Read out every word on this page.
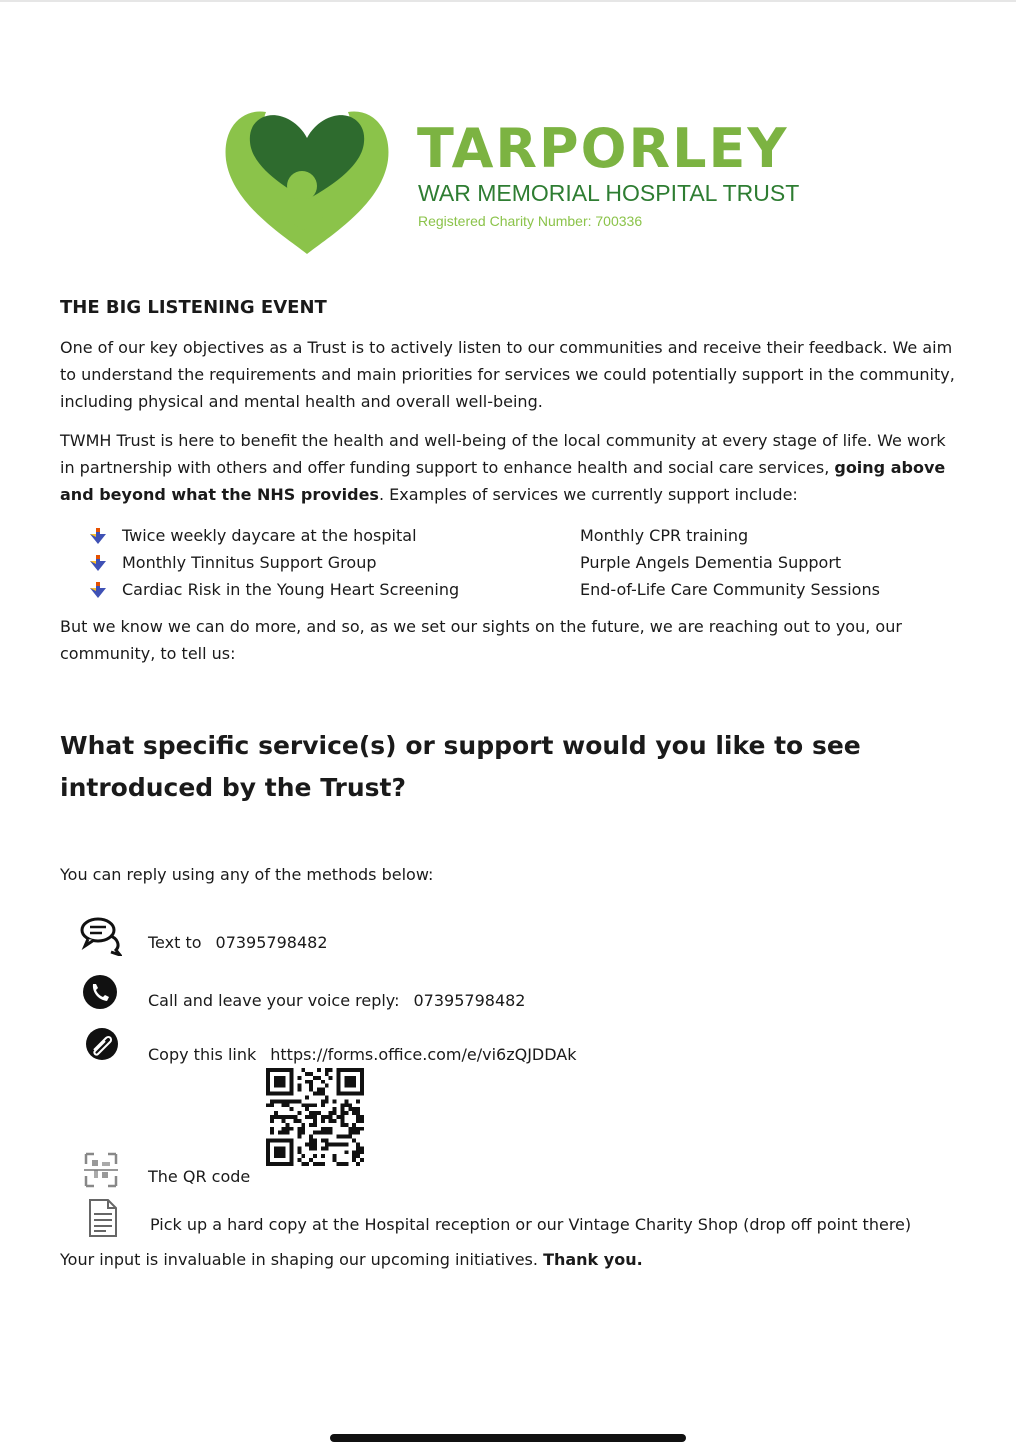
TARPORLEY
WAR MEMORIAL HOSPITAL TRUST
Registered Charity Number: 700336
THE BIG LISTENING EVENT

One of our key objectives as a Trust is to actively listen to our communities and receive their feedback. We aim to understand the requirements and main priorities for services we could potentially support in the community, including physical and mental health and overall well-being.

TWMH Trust is here to benefit the health and well-being of the local community at every stage of life. We work in partnership with others and offer funding support to enhance health and social care services, going above and beyond what the NHS provides. Examples of services we currently support include:

Twice weekly daycare at the hospital
Monthly Tinnitus Support Group
Cardiac Risk in the Young Heart Screening
Monthly CPR training
Purple Angels Dementia Support
End-of-Life Care Community Sessions

But we know we can do more, and so, as we set our sights on the future, we are reaching out to you, our community, to tell us:

What specific service(s) or support would you like to see introduced by the Trust?
You can reply using any of the methods below:
Text to 07395798482
Call and leave your voice reply: 07395798482
Copy this link https://forms.office.com/e/vi6zQJDDAk
The QR code
Pick up a hard copy at the Hospital reception or our Vintage Charity Shop (drop off point there)
Your input is invaluable in shaping our upcoming initiatives. Thank you.
